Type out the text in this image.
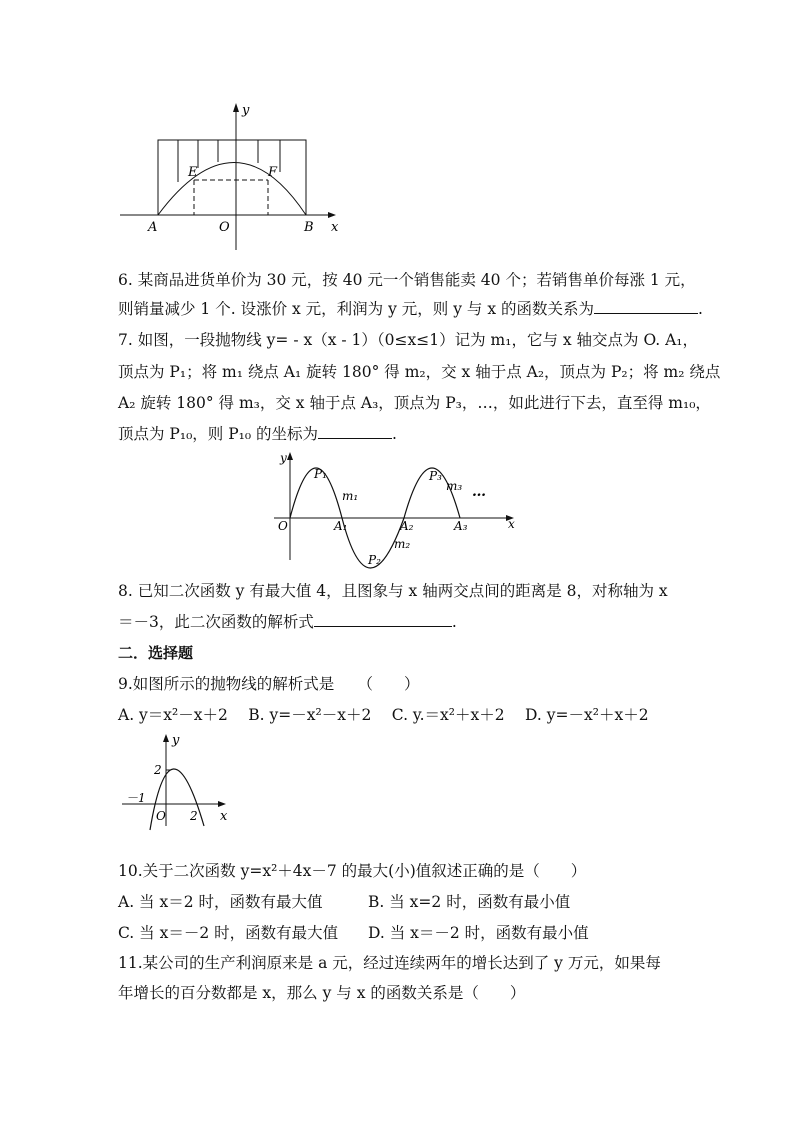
y
E	F
A	O	B x
6. 某商品进货单价为 30 元，按 40 元一个销售能卖 40 个；若销售单价每涨 1 元，
则销量减少 1 个. 设涨价 x 元，利润为 y 元，则 y 与 x 的函数关系为	.
7. 如图，一段抛物线 y= - x（x - 1）（0≤x≤1）记为 m₁，它与 x 轴交点为 O. A₁，
顶点为 P₁；将 m₁ 绕点 A₁ 旋转 180° 得 m₂，交 x 轴于点 A₂，顶点为 P₂；将 m₂ 绕点
A₂ 旋转 180° 得 m₃，交 x 轴于点 A₃，顶点为 P₃，…，如此进行下去，直至得 m₁₀，
顶点为 P₁₀，则 P₁₀ 的坐标为	.
y
x
O
P₁
m₁
A₁
P₃
m₃ …
A₂	A₃
m₂
P₂
8. 已知二次函数 y 有最大值 4，且图象与 x 轴两交点间的距离是 8，对称轴为 x
＝－3，此二次函数的解析式	.
二．选择题
9.如图所示的抛物线的解析式是　　（　　）
A. y＝x²－x＋2　 B. y=－x²－x＋2　 C. y.＝x²＋x＋2　 D. y=－x²＋x＋2
y
2
－1
O 2 x
10.关于二次函数 y=x²＋4x－7 的最大(小)值叙述正确的是（　　）
A. 当 x＝2 时，函数有最大值	B. 当 x=2 时，函数有最小值
C. 当 x＝－2 时，函数有最大值 D. 当 x＝－2 时，函数有最小值
11.某公司的生产利润原来是 a 元，经过连续两年的增长达到了 y 万元，如果每
年增长的百分数都是 x，那么 y 与 x 的函数关系是（　　）
